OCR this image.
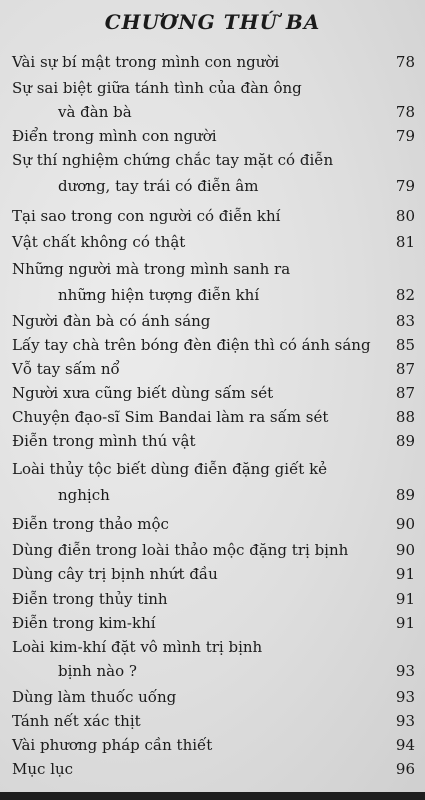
CHƯƠNG THỨ BA
Vài sự bí mật trong mình con người	78
Sự sai biệt giữa tánh tình của đàn ông
và đàn bà	78
Điển trong mình con người	79
Sự thí nghiệm chứng chắc tay mặt có điễn
dương, tay trái có điễn âm	79
Tại sao trong con người có điễn khí	80
Vật chất không có thật	81
Những người mà trong mình sanh ra
những hiện tượng điễn khí	82
Người đàn bà có ánh sáng	83
Lấy tay chà trên bóng đèn điện thì có ánh sáng	85
Vỗ tay sấm nổ	87
Người xưa cũng biết dùng sấm sét	87
Chuyện đạo-sĩ Sim Bandai làm ra sấm sét	88
Điễn trong mình thú vật	89
Loài thủy tộc biết dùng điễn đặng giết kẻ
nghịch	89
Điễn trong thảo mộc	90
Dùng điễn trong loài thảo mộc đặng trị bịnh	90
Dùng cây trị bịnh nhứt đầu	91
Điễn trong thủy tinh	91
Điễn trong kim-khí	91
Loài kim-khí đặt vô mình trị bịnh
bịnh nào ?	93
Dùng làm thuốc uống	93
Tánh nết xác thịt	93
Vài phương pháp cần thiết	94
Mục lục	96
